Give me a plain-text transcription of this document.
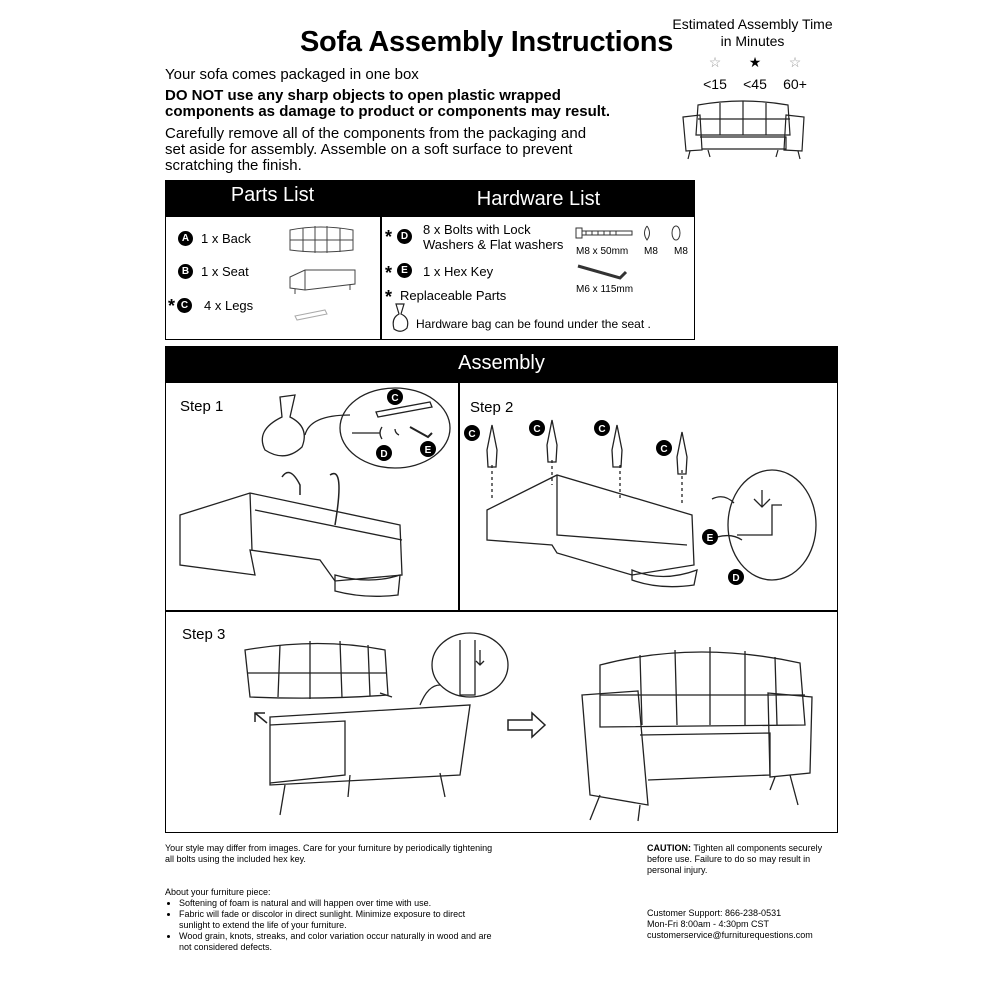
Sofa Assembly Instructions
Your sofa comes packaged in one box
DO NOT use any sharp objects to open plastic wrapped components as damage to product or components may result.
Carefully remove all of the components from the packaging and set aside for assembly. Assemble on a soft surface to prevent scratching the finish.
Estimated Assembly Time in Minutes
☆	★	☆
<15	<45	60+
Parts List	Hardware List
A 1 x Back
B 1 x Seat
* C 4 x Legs
* D 8 x Bolts with Lock Washers & Flat washers	M8 x 50mm M8 M8
* E	1 x Hex Key
M6 x 115mm
* Replaceable Parts
Hardware bag can be found under the seat .
Assembly
Step 1	Step 2
Step 3
C
D	E
C	C	C
C
E
D
Your style may differ from images. Care for your furniture by periodically tightening all bolts using the included hex key.
CAUTION: Tighten all components securely before use. Failure to do so may result in personal injury.
About your furniture piece:
• Softening of foam is natural and will happen over time with use.
• Fabric will fade or discolor in direct sunlight. Minimize exposure to direct sunlight to extend the life of your furniture.
• Wood grain, knots, streaks, and color variation occur naturally in wood and are not considered defects.
Customer Support: 866-238-0531
Mon-Fri 8:00am - 4:30pm CST
customerservice@furniturequestions.com
